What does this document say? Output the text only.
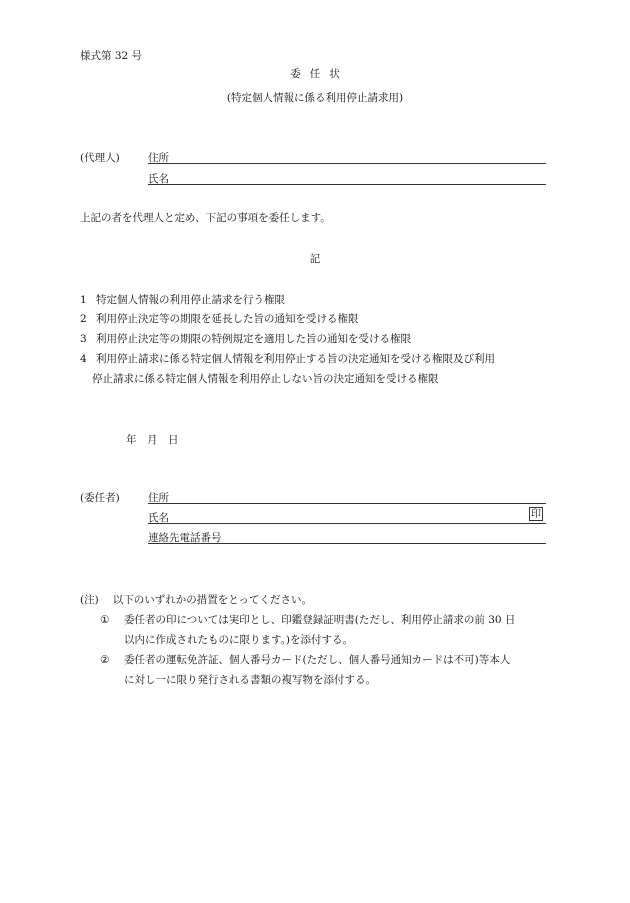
様式第 32 号
委任状
(特定個人情報に係る利用停止請求用)
(代理人)	住所
氏名
上記の者を代理人と定め、下記の事項を委任します。
記
1 特定個人情報の利用停止請求を行う権限
2 利用停止決定等の期限を延長した旨の通知を受ける権限
3 利用停止決定等の期限の特例規定を適用した旨の通知を受ける権限
4 利用停止請求に係る特定個人情報を利用停止する旨の決定通知を受ける権限及び利用
停止請求に係る特定個人情報を利用停止しない旨の決定通知を受ける権限
年　月　日
(委任者)	住所
氏名	印
連絡先電話番号
(注) 以下のいずれかの措置をとってください。
① 委任者の印については実印とし、印鑑登録証明書(ただし、利用停止請求の前 30 日
以内に作成されたものに限ります。)を添付する。
② 委任者の運転免許証、個人番号カード(ただし、個人番号通知カードは不可)等本人
に対し一に限り発行される書類の複写物を添付する。
